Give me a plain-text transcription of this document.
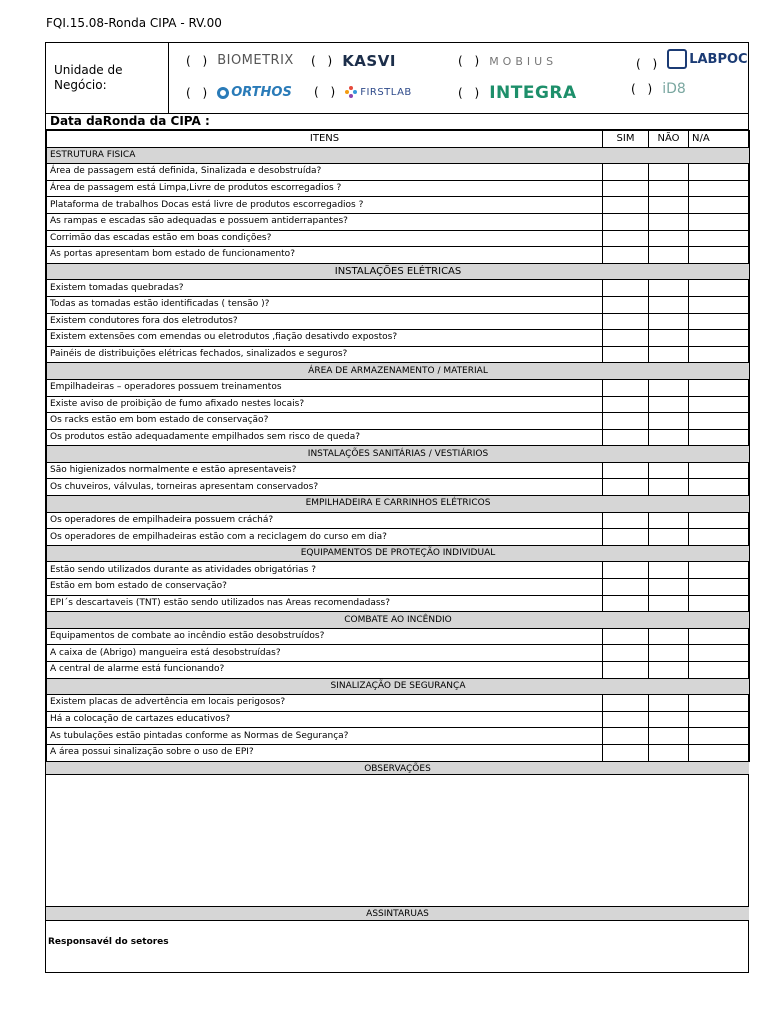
FQI.15.08-Ronda CIPA - RV.00
Unidade de Negócio:
( ) BIOMETRIX ( ) KASVI	( ) MOBIUS	( ) LABPOC
( ) ORTHOS ( ) FIRSTLAB	( ) INTEGRA	( ) iD8
Data daRonda da CIPA :
ITENS	SIM	NÃO	N/A
ESTRUTURA FISICA			
Área de passagem está definida, Sinalizada e desobstruída?			
Área de passagem está Limpa,Livre de produtos escorregadios ?			
Plataforma de trabalhos Docas está livre de produtos escorregadios ?			
As rampas e escadas são adequadas e possuem antiderrapantes?			
Corrimão das escadas estão em boas condições?			
As portas apresentam bom estado de funcionamento?			
INSTALAÇÕES ELÉTRICAS			
Existem tomadas quebradas?			
Todas as tomadas estão identificadas ( tensão )?			
Existem condutores fora dos eletrodutos?			
Existem extensões com emendas ou eletrodutos ,fiação desativdo expostos?			
Painéis de distribuições elétricas fechados, sinalizados e seguros?			
ÁREA DE ARMAZENAMENTO / MATERIAL			
Empilhadeiras – operadores possuem treinamentos			
Existe aviso de proibição de fumo afixado nestes locais?			
Os racks estão em bom estado de conservação?			
Os produtos estão adequadamente empilhados sem risco de queda?			
INSTALAÇÕES SANITÁRIAS / VESTIÁRIOS			
São higienizados normalmente e estão apresentaveis?			
Os chuveiros, válvulas, torneiras apresentam conservados?			
EMPILHADEIRA E CARRINHOS ELÉTRICOS			
Os operadores de empilhadeira possuem cráchá?			
Os operadores de empilhadeiras estão com a reciclagem do curso em dia?			
EQUIPAMENTOS DE PROTEÇÃO INDIVIDUAL			
Estão sendo utilizados durante as atividades obrigatórias ?			
Estão em bom estado de conservação?			
EPI´s descartaveis (TNT) estão sendo utilizados nas Areas recomendadass?			
COMBATE AO INCÊNDIO			
Equipamentos de combate ao incêndio estão desobstruídos?			
A caixa de (Abrigo) mangueira está desobstruídas?			
A central de alarme está funcionando?			
SINALIZAÇÃO DE SEGURANÇA			
Existem placas de advertência em locais perigosos?			
Há a colocação de cartazes educativos?			
As tubulações estão pintadas conforme as Normas de Segurança?			
A área possui sinalização sobre o uso de EPI?			
OBSERVAÇÕES
ASSINTARUAS
Responsavél do setores
